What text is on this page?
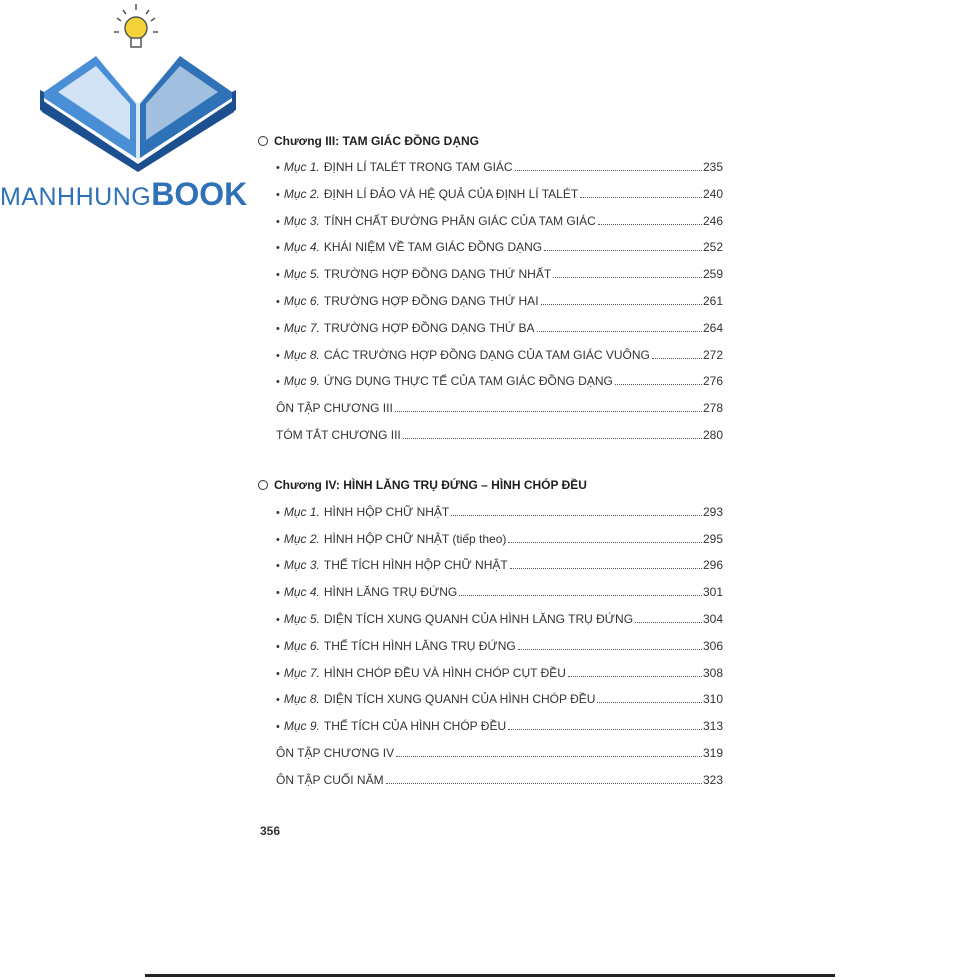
MANHHUNGBOOK
Chương III: TAM GIÁC ĐỒNG DẠNG
• Mục 1. ĐỊNH LÍ TALÉT TRONG TAM GIÁC	235
• Mục 2. ĐỊNH LÍ ĐẢO VÀ HỆ QUẢ CỦA ĐỊNH LÍ TALÉT	240
• Mục 3. TÍNH CHẤT ĐƯỜNG PHÂN GIÁC CỦA TAM GIÁC	246
• Mục 4. KHÁI NIỆM VỀ TAM GIÁC ĐỒNG DẠNG	252
• Mục 5. TRƯỜNG HỢP ĐỒNG DẠNG THỨ NHẤT	259
• Mục 6. TRƯỜNG HỢP ĐỒNG DẠNG THỨ HAI	261
• Mục 7. TRƯỜNG HỢP ĐỒNG DẠNG THỨ BA	264
• Mục 8. CÁC TRƯỜNG HỢP ĐỒNG DẠNG CỦA TAM GIÁC VUÔNG	272
• Mục 9. ỨNG DỤNG THỰC TẾ CỦA TAM GIÁC ĐỒNG DẠNG	276
ÔN TẬP CHƯƠNG III	278
TÓM TẮT CHƯƠNG III	280
Chương IV: HÌNH LĂNG TRỤ ĐỨNG – HÌNH CHÓP ĐỀU
• Mục 1. HÌNH HỘP CHỮ NHẬT	293
• Mục 2. HÌNH HỘP CHỮ NHẬT (tiếp theo)	295
• Mục 3. THỂ TÍCH HÌNH HỘP CHỮ NHẬT	296
• Mục 4. HÌNH LĂNG TRỤ ĐỨNG	301
• Mục 5. DIỆN TÍCH XUNG QUANH CỦA HÌNH LĂNG TRỤ ĐỨNG	304
• Mục 6. THỂ TÍCH HÌNH LĂNG TRỤ ĐỨNG	306
• Mục 7. HÌNH CHÓP ĐỀU VÀ HÌNH CHÓP CỤT ĐỀU	308
• Mục 8. DIỆN TÍCH XUNG QUANH CỦA HÌNH CHÓP ĐỀU	310
• Mục 9. THỂ TÍCH CỦA HÌNH CHÓP ĐỀU	313
ÔN TẬP CHƯƠNG IV	319
ÔN TẬP CUỐI NĂM	323
356
